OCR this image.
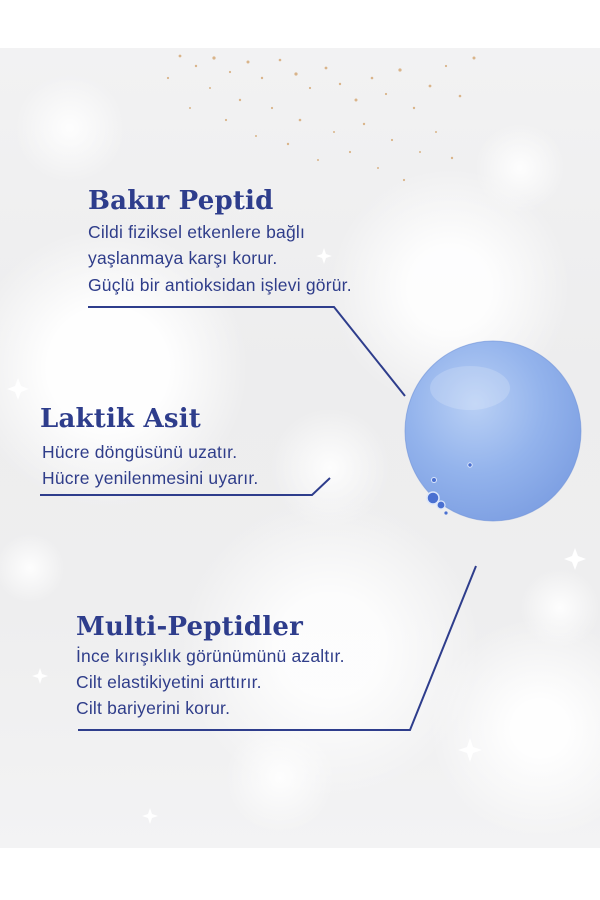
Bakır Peptid
Cildi fiziksel etkenlere bağlı
yaşlanmaya karşı korur.
Güçlü bir antioksidan işlevi görür.
Laktik Asit
Hücre döngüsünü uzatır.
Hücre yenilenmesini uyarır.
Multi-Peptidler
İnce kırışıklık görünümünü azaltır.
Cilt elastikiyetini arttırır.
Cilt bariyerini korur.
